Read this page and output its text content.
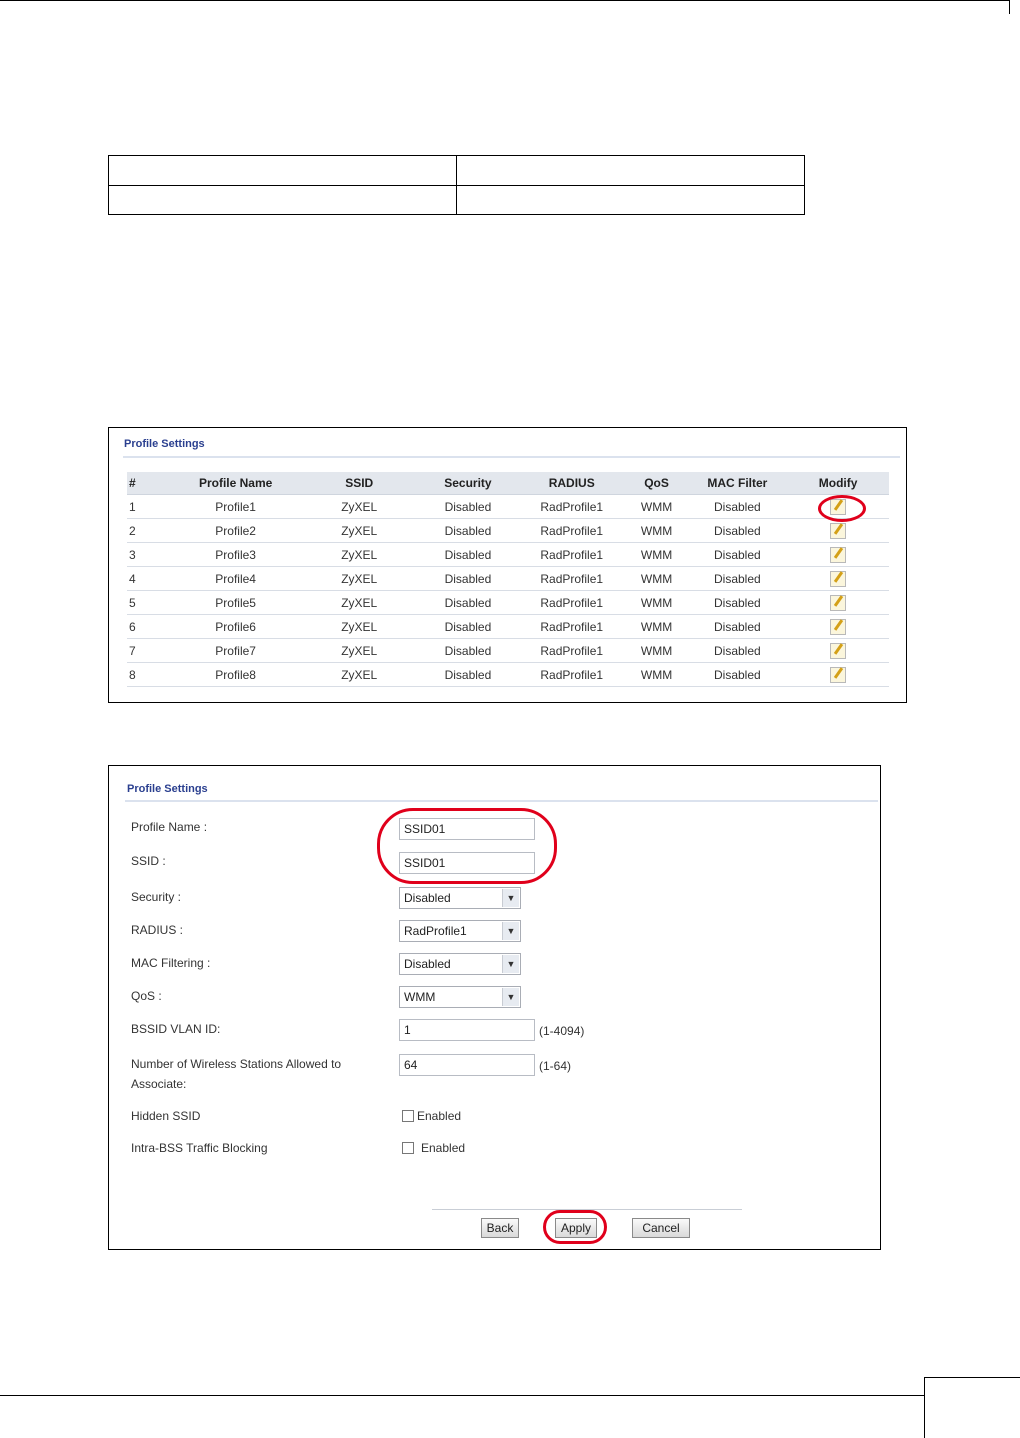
Profile Settings
#	Profile Name	SSID	Security	RADIUS	QoS	MAC Filter	Modify
1	Profile1	ZyXEL	Disabled	RadProfile1	WMM	Disabled	
2	Profile2	ZyXEL	Disabled	RadProfile1	WMM	Disabled	
3	Profile3	ZyXEL	Disabled	RadProfile1	WMM	Disabled	
4	Profile4	ZyXEL	Disabled	RadProfile1	WMM	Disabled	
5	Profile5	ZyXEL	Disabled	RadProfile1	WMM	Disabled	
6	Profile6	ZyXEL	Disabled	RadProfile1	WMM	Disabled	
7	Profile7	ZyXEL	Disabled	RadProfile1	WMM	Disabled	
8	Profile8	ZyXEL	Disabled	RadProfile1	WMM	Disabled	
Profile Settings
Profile Name :	SSID01
SSID :	SSID01
Security :	Disabled	▼
RADIUS :	RadProfile1	▼
MAC Filtering :	Disabled	▼
QoS :	WMM	▼
BSSID VLAN ID:	1	(1-4094)
Number of Wireless Stations Allowed to
Associate:
64	(1-64)
Hidden SSID	Enabled
Intra-BSS Traffic Blocking	Enabled
Back	Apply	Cancel
